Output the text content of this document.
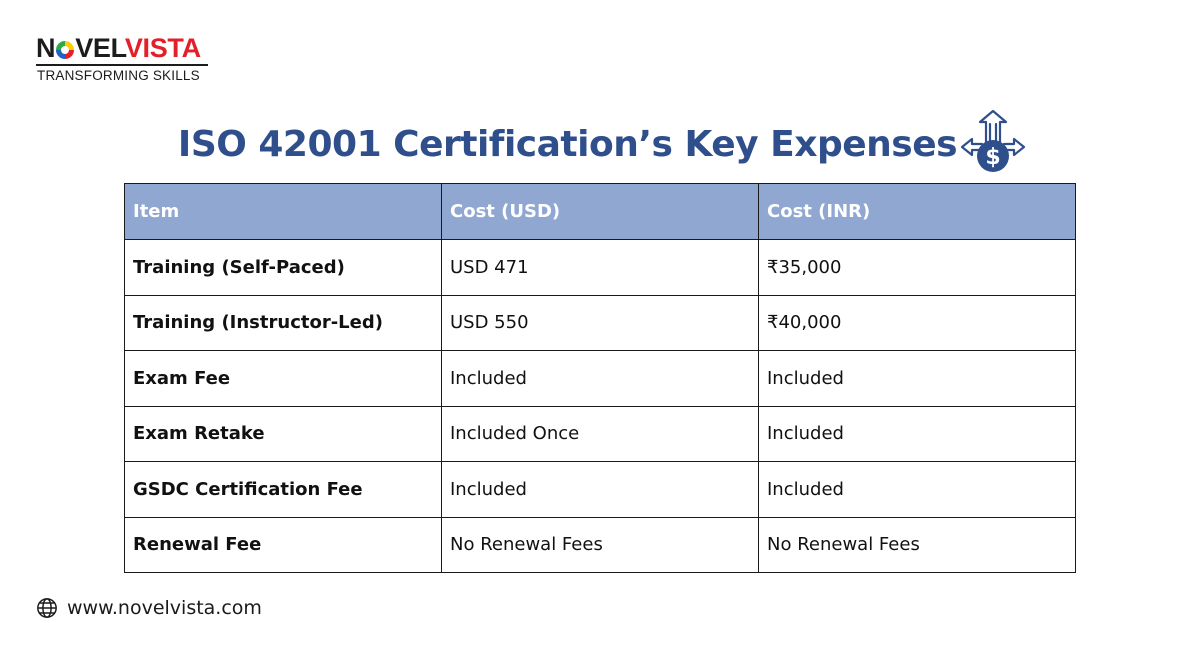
N VELVISTA
TRANSFORMING SKILLS
ISO 42001 Certification’s Key Expenses	$
Item	Cost (USD)	Cost (INR)
Training (Self-Paced)	USD 471	₹35,000
Training (Instructor-Led)	USD 550	₹40,000
Exam Fee	Included	Included
Exam Retake	Included Once	Included
GSDC Certification Fee	Included	Included
Renewal Fee	No Renewal Fees	No Renewal Fees
www.novelvista.com
